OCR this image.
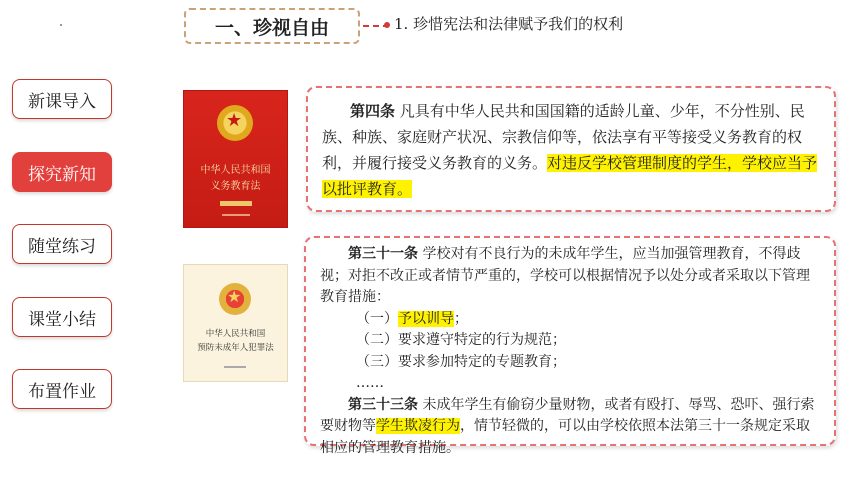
一、珍视自由	1. 珍惜宪法和法律赋予我们的权利
新课导入
探究新知
随堂练习
课堂小结
布置作业
★
中华人民共和国
义务教育法
★
中华人民共和国
预防未成年人犯罪法

第四条 凡具有中华人民共和国国籍的适龄儿童、少年，不分性别、民族、种族、家庭财产状况、宗教信仰等，依法享有平等接受义务教育的权利，并履行接受义务教育的义务。对违反学校管理制度的学生，学校应当予以批评教育。

第三十一条 学校对有不良行为的未成年学生，应当加强管理教育，不得歧视；对拒不改正或者情节严重的，学校可以根据情况予以处分或者采取以下管理教育措施：

（一）予以训导；

（二）要求遵守特定的行为规范；

（三）要求参加特定的专题教育；

……

第三十三条 未成年学生有偷窃少量财物，或者有殴打、辱骂、恐吓、强行索要财物等学生欺凌行为，情节轻微的，可以由学校依照本法第三十一条规定采取相应的管理教育措施。
